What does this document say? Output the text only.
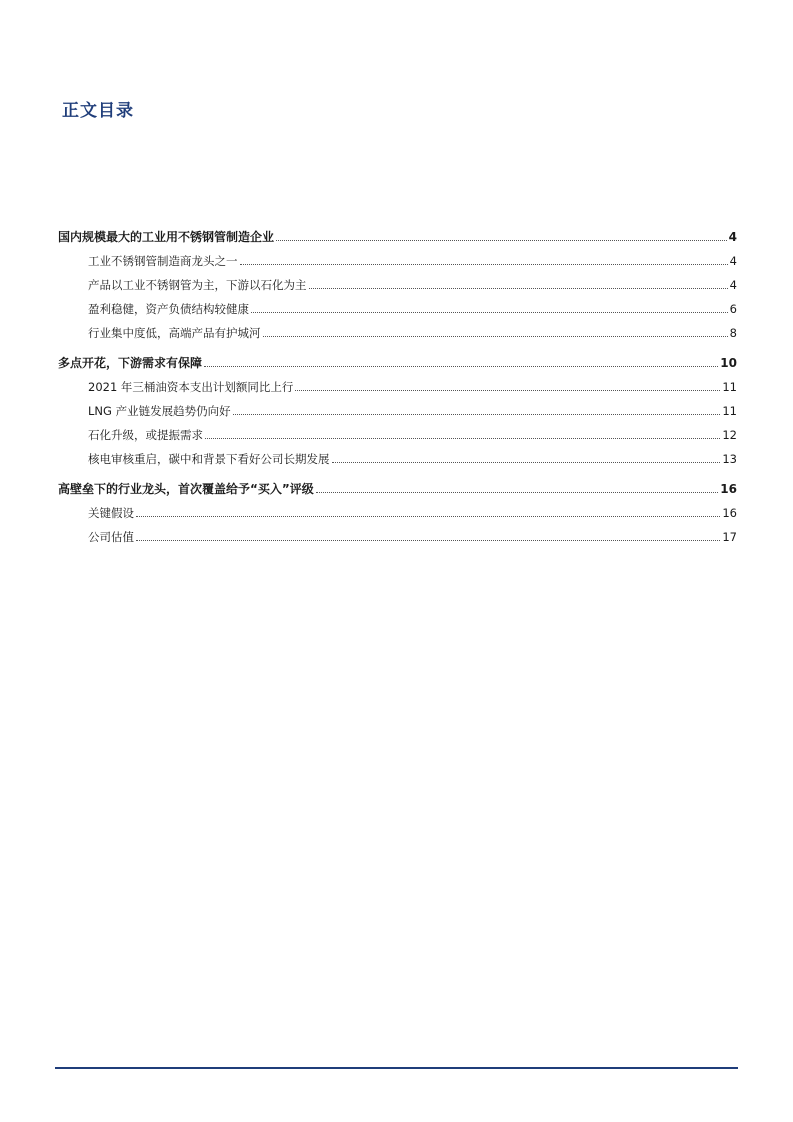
正文目录
国内规模最大的工业用不锈钢管制造企业	4
工业不锈钢管制造商龙头之一	4
产品以工业不锈钢管为主，下游以石化为主	4
盈利稳健，资产负债结构较健康	6
行业集中度低，高端产品有护城河	8
多点开花，下游需求有保障	10
2021 年三桶油资本支出计划额同比上行	11
LNG 产业链发展趋势仍向好	11
石化升级，或提振需求	12
核电审核重启，碳中和背景下看好公司长期发展	13
高壁垒下的行业龙头，首次覆盖给予“买入”评级	16
关键假设	16
公司估值	17
